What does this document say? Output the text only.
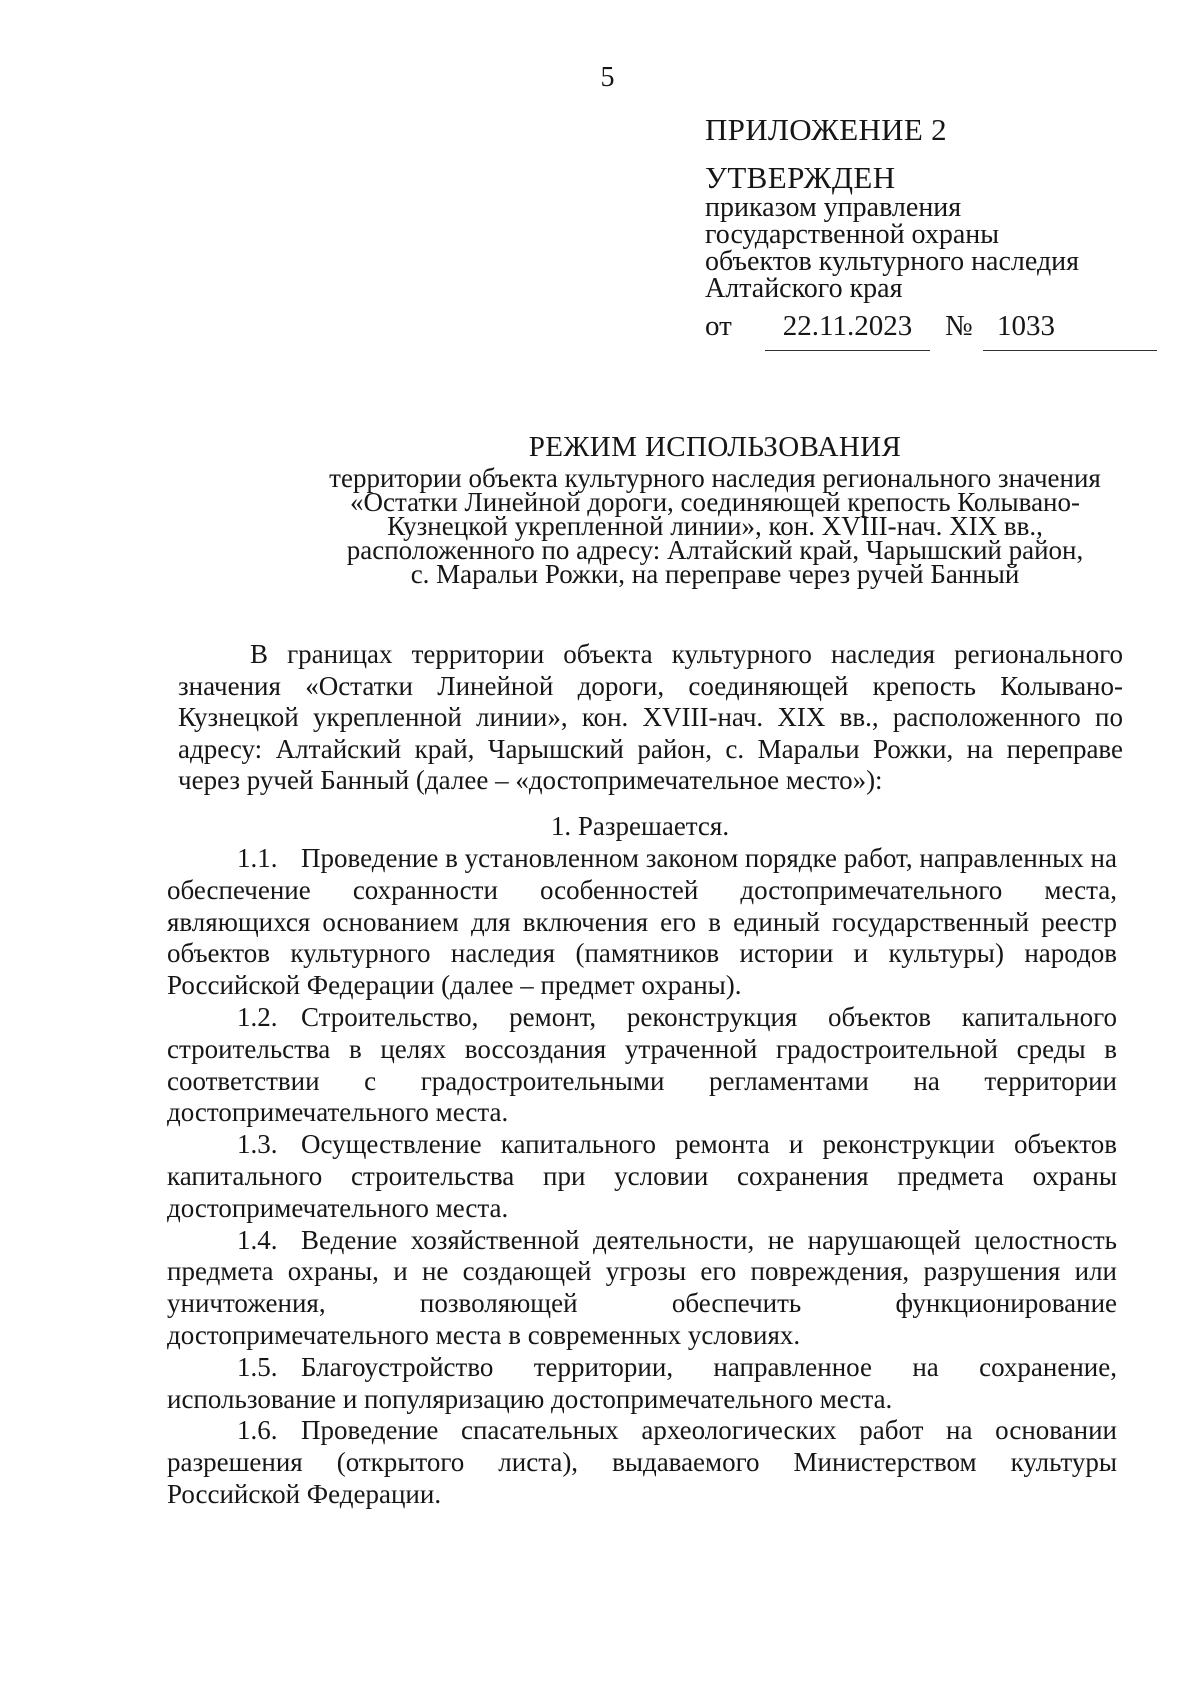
5
ПРИЛОЖЕНИЕ 2
УТВЕРЖДЕН
приказом управления
государственной охраны
объектов культурного наследия
Алтайского края
от	22.11.2023	№ 1033
РЕЖИМ ИСПОЛЬЗОВАНИЯ
территории объекта культурного наследия регионального значения
«Остатки Линейной дороги, соединяющей крепость Колывано-
Кузнецкой укрепленной линии», кон. XVIII-нач. XIX вв.,
расположенного по адресу: Алтайский край, Чарышский район,
с. Маральи Рожки, на переправе через ручей Банный

В границах территории объекта культурного наследия регионального значения «Остатки Линейной дороги, соединяющей крепость Колывано-Кузнецкой укрепленной линии», кон. XVIII-нач. XIX вв., расположенного по адресу: Алтайский край, Чарышский район, с. Маральи Рожки, на переправе через ручей Банный (далее – «достопримечательное место»):

1. Разрешается.

1.1. Проведение в установленном законом порядке работ, направленных на обеспечение сохранности особенностей достопримечательного места, являющихся основанием для включения его в единый государственный реестр объектов культурного наследия (памятников истории и культуры) народов Российской Федерации (далее – предмет охраны).

1.2. Строительство, ремонт, реконструкция объектов капитального строительства в целях воссоздания утраченной градостроительной среды в соответствии с градостроительными регламентами на территории достопримечательного места.

1.3. Осуществление капитального ремонта и реконструкции объектов капитального строительства при условии сохранения предмета охраны достопримечательного места.

1.4. Ведение хозяйственной деятельности, не нарушающей целостность предмета охраны, и не создающей угрозы его повреждения, разрушения или уничтожения, позволяющей обеспечить функционирование достопримечательного места в современных условиях.

1.5. Благоустройство территории, направленное на сохранение, использование и популяризацию достопримечательного места.

1.6. Проведение спасательных археологических работ на основании разрешения (открытого листа), выдаваемого Министерством культуры Российской Федерации.
